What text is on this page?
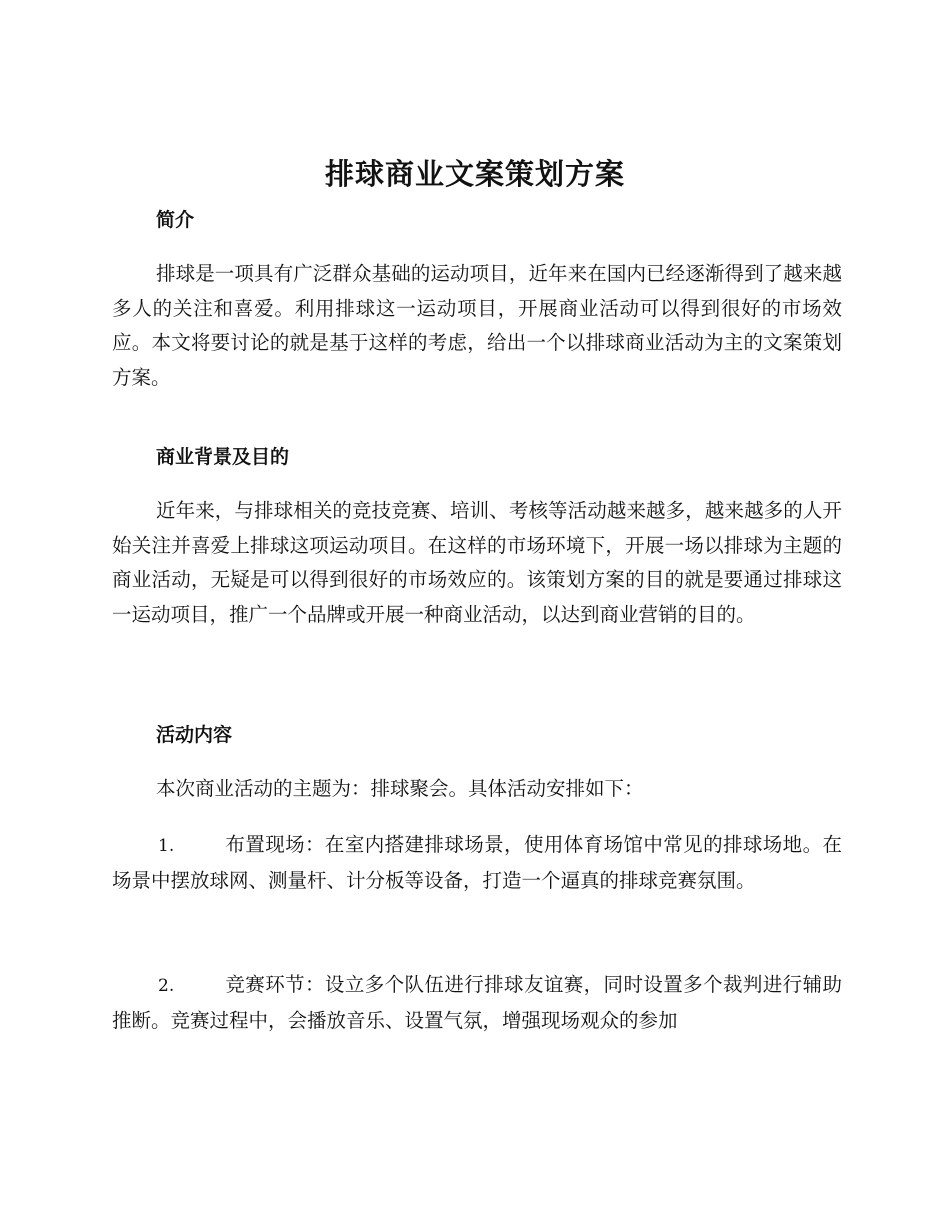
排球商业文案策划方案
简介

排球是一项具有广泛群众基础的运动项目，近年来在国内已经逐渐得到了越来越多人的关注和喜爱。利用排球这一运动项目，开展商业活动可以得到很好的市场效应。本文将要讨论的就是基于这样的考虑，给出一个以排球商业活动为主的文案策划方案。

商业背景及目的

近年来，与排球相关的竞技竞赛、培训、考核等活动越来越多，越来越多的人开始关注并喜爱上排球这项运动项目。在这样的市场环境下，开展一场以排球为主题的商业活动，无疑是可以得到很好的市场效应的。该策划方案的目的就是要通过排球这一运动项目，推广一个品牌或开展一种商业活动，以达到商业营销的目的。

活动内容

本次商业活动的主题为：排球聚会。具体活动安排如下：

1.	布置现场：在室内搭建排球场景，使用体育场馆中常见的排球场地。在场景中摆放球网、测量杆、计分板等设备，打造一个逼真的排球竞赛氛围。

2.	竞赛环节：设立多个队伍进行排球友谊赛，同时设置多个裁判进行辅助推断。竞赛过程中，会播放音乐、设置气氛，增强现场观众的参加
